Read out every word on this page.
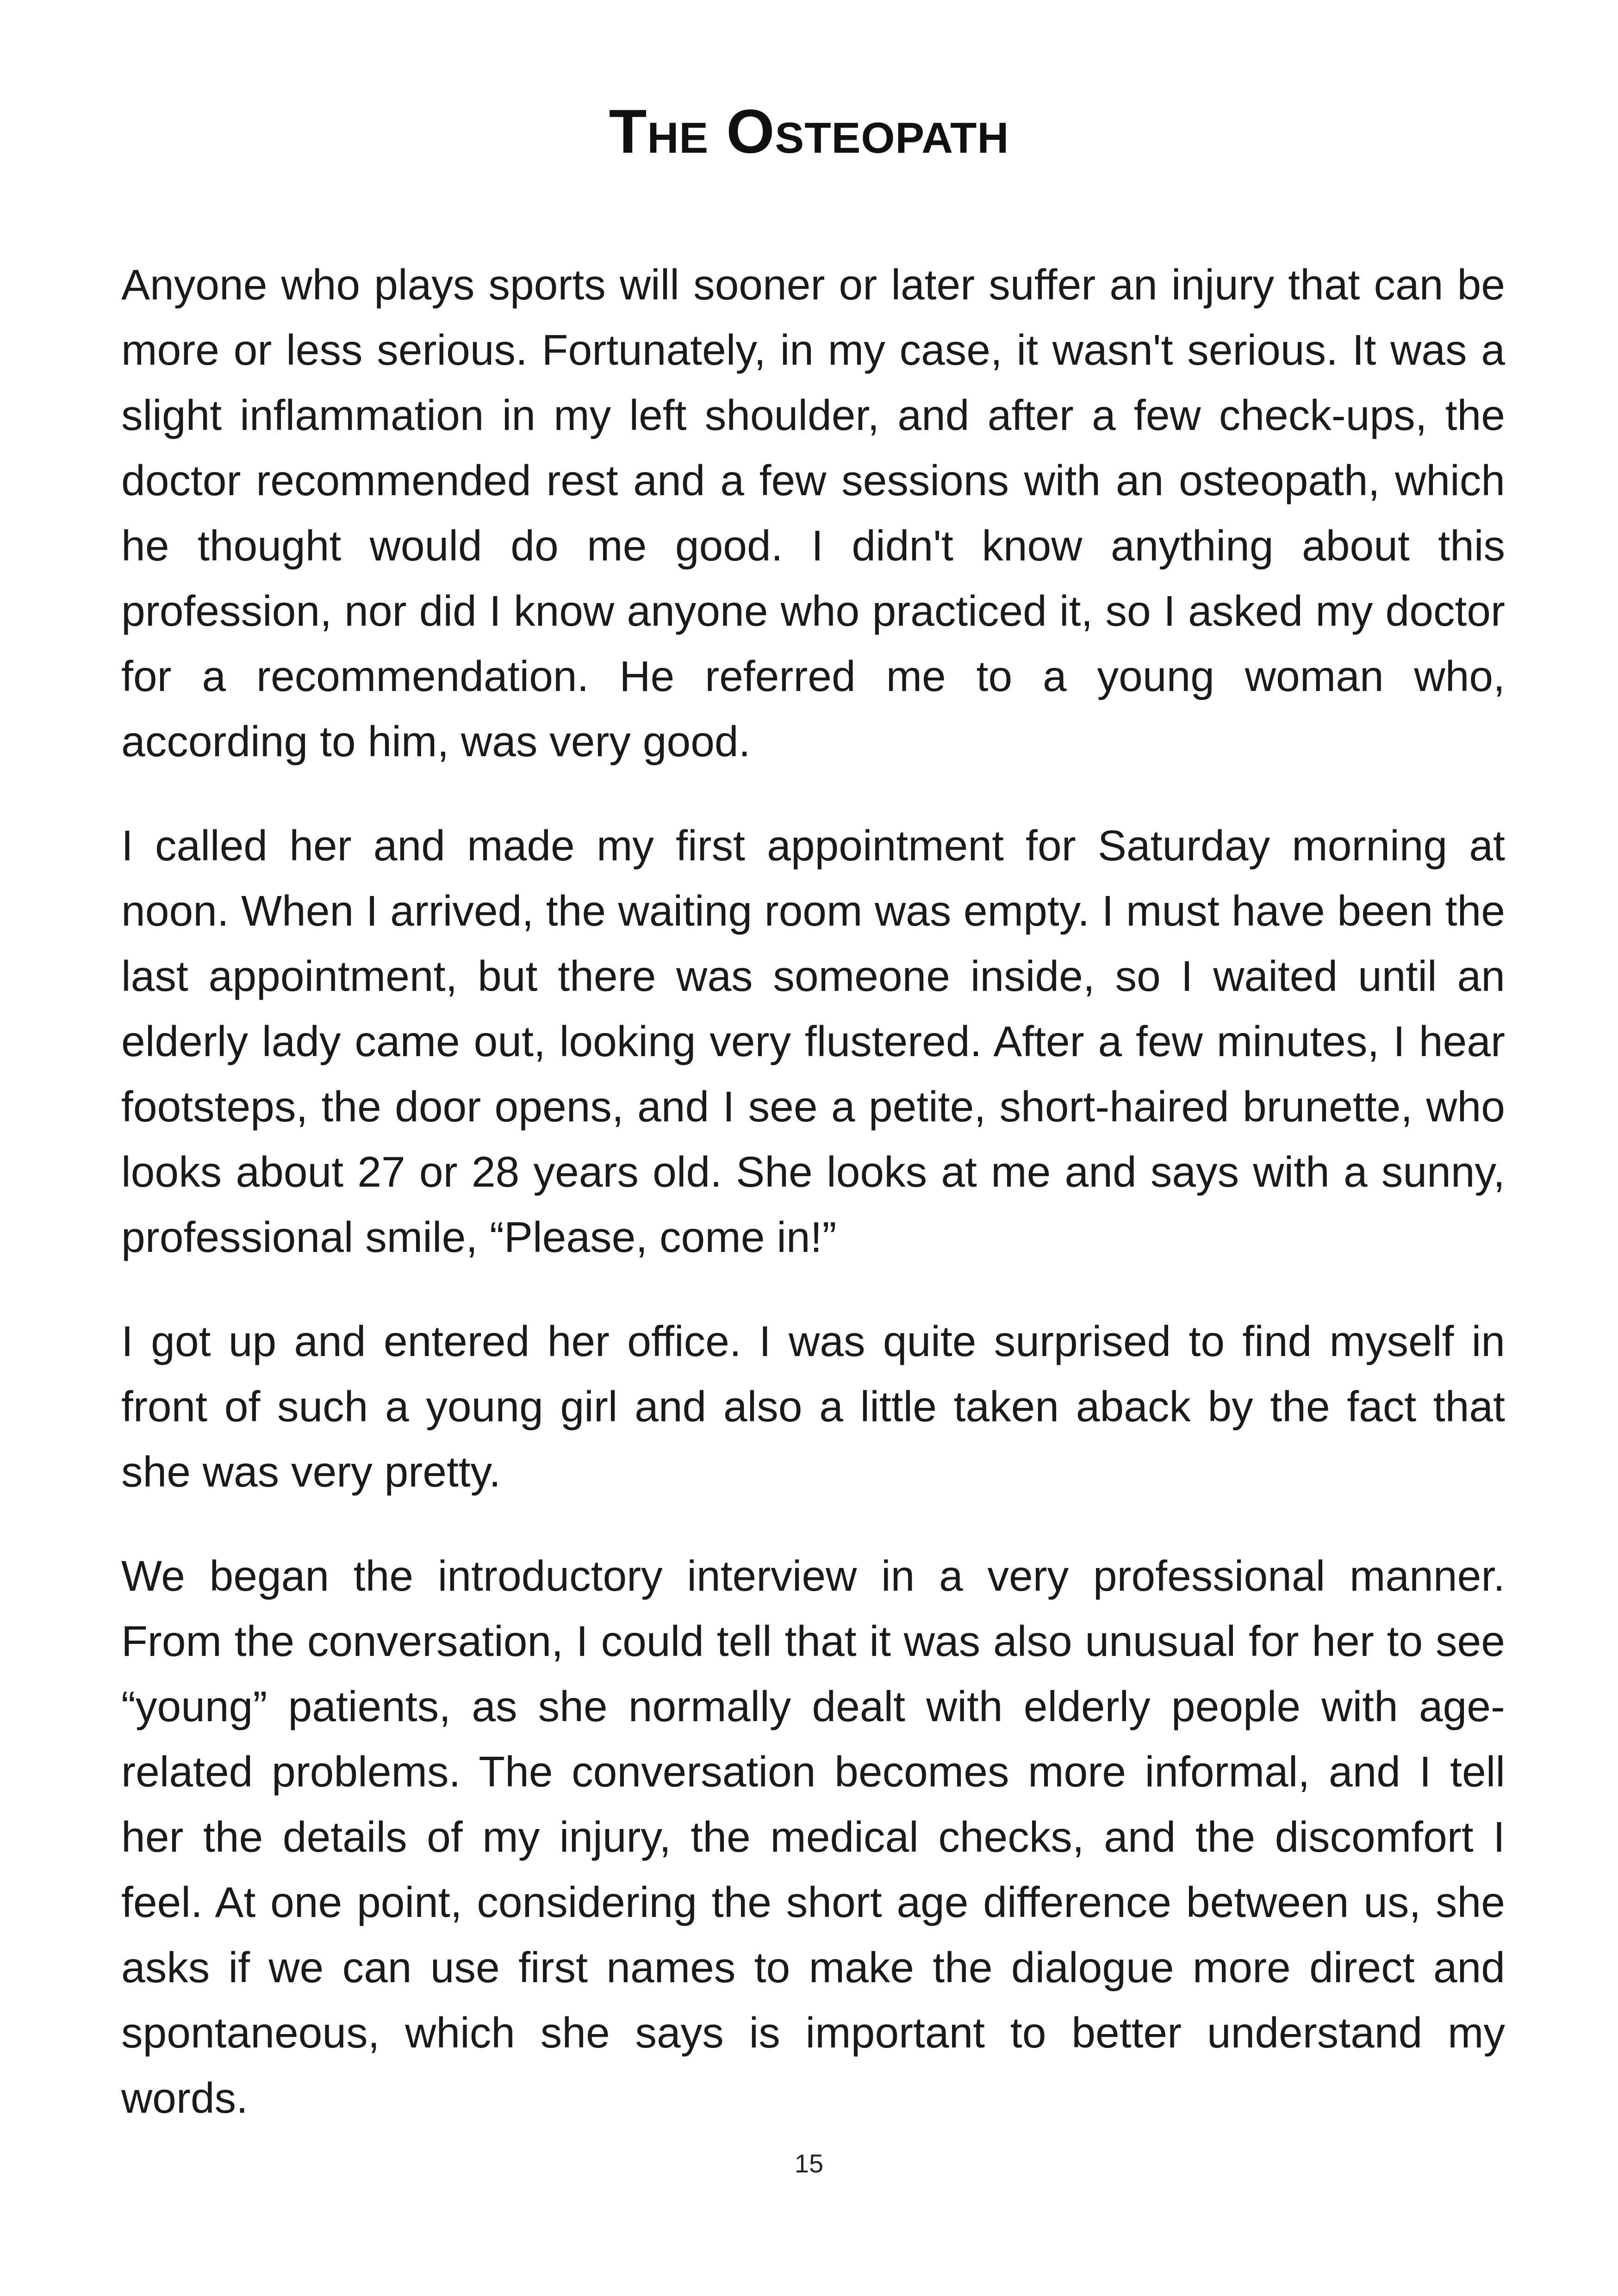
The Osteopath

Anyone who plays sports will sooner or later suffer an injury that can be more or less serious. Fortunately, in my case, it wasn't serious. It was a slight inflammation in my left shoulder, and after a few check-ups, the doctor recommended rest and a few sessions with an osteopath, which he thought would do me good. I didn't know anything about this profession, nor did I know anyone who practiced it, so I asked my doctor for a recommendation. He referred me to a young woman who, according to him, was very good.

I called her and made my first appointment for Saturday morning at noon. When I arrived, the waiting room was empty. I must have been the last appointment, but there was someone inside, so I waited until an elderly lady came out, looking very flustered. After a few minutes, I hear footsteps, the door opens, and I see a petite, short-haired brunette, who looks about 27 or 28 years old. She looks at me and says with a sunny, professional smile, “Please, come in!”

I got up and entered her office. I was quite surprised to find myself in front of such a young girl and also a little taken aback by the fact that she was very pretty.

We began the introductory interview in a very professional manner. From the conversation, I could tell that it was also unusual for her to see “young” patients, as she normally dealt with elderly people with age-related problems. The conversation becomes more informal, and I tell her the details of my injury, the medical checks, and the discomfort I feel. At one point, considering the short age difference between us, she asks if we can use first names to make the dialogue more direct and spontaneous, which she says is important to better understand my words.

15
